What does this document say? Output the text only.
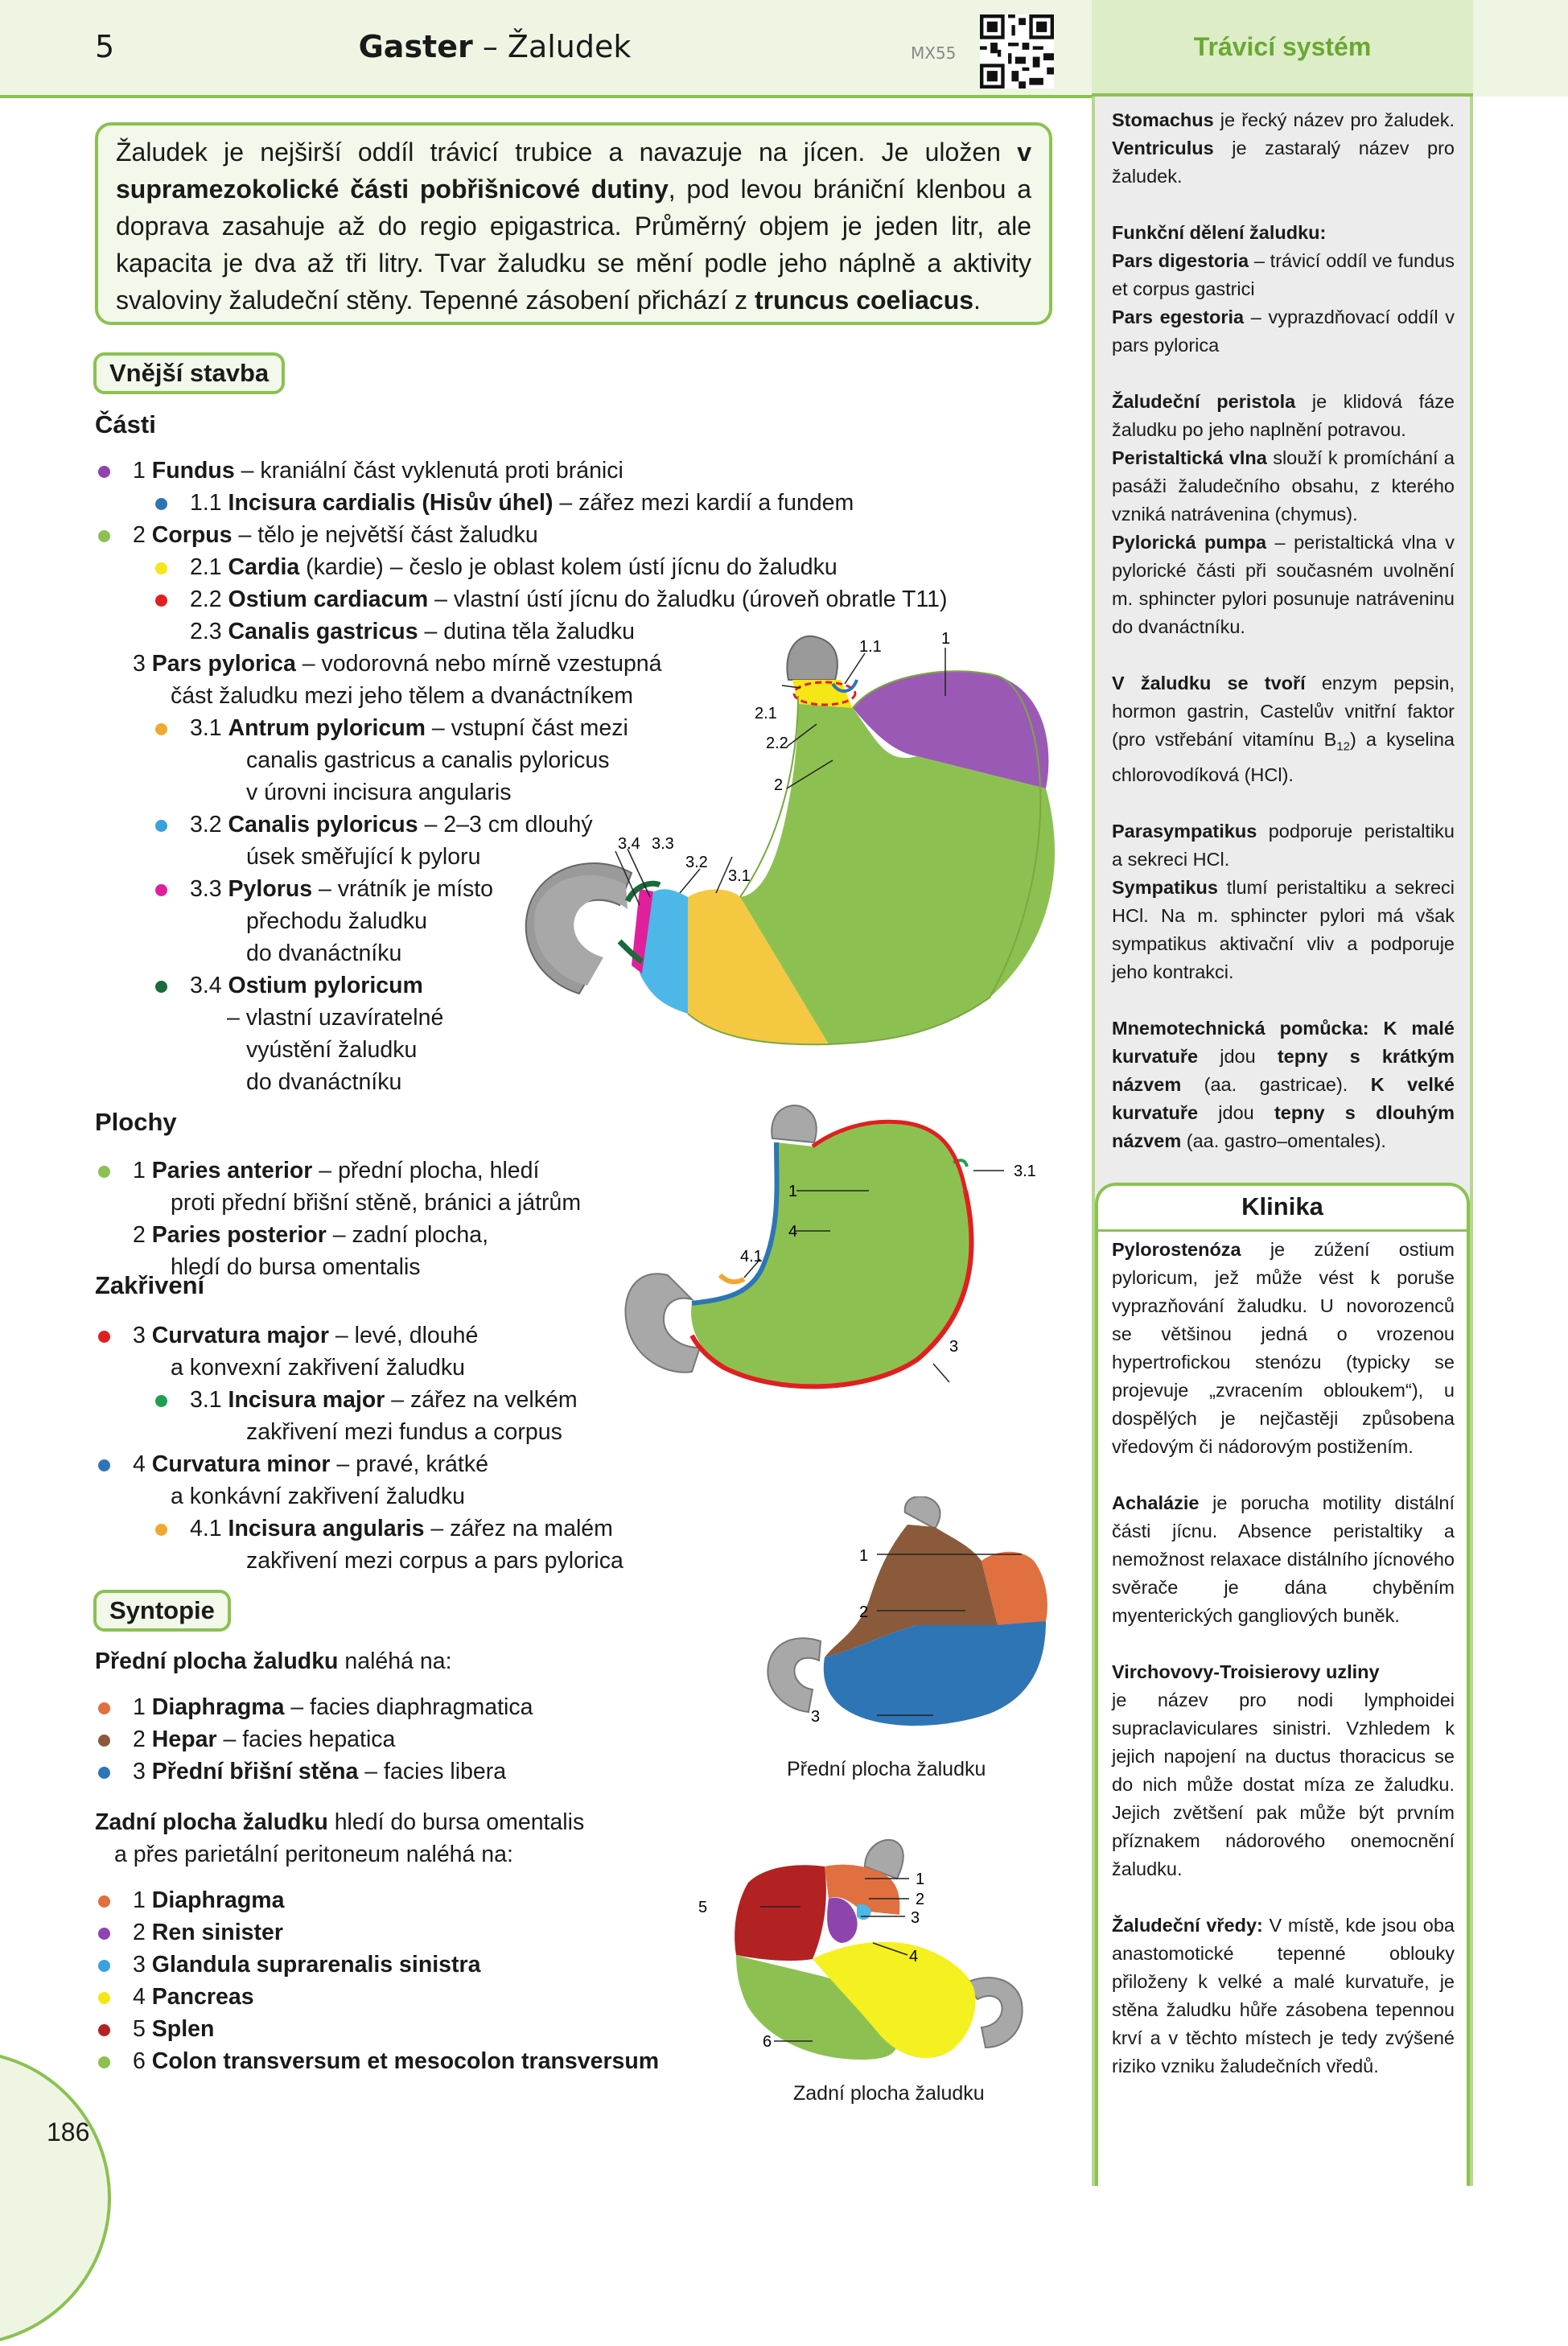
5	Gaster – Žaludek	MX55	Trávicí systém

Stomachus je řecký název pro žaludek. Ventriculus je zastaralý název pro žaludek.

Funkční dělení žaludku:

Pars digestoria – trávicí oddíl ve fundus et corpus gastrici

Pars egestoria – vyprazdňovací oddíl v pars pylorica

Žaludeční peristola je klidová fáze žaludku po jeho naplnění potravou.

Peristaltická vlna slouží k promíchání a pasáži žaludečního obsahu, z kterého vzniká natrávenina (chymus).

Pylorická pumpa – peristaltická vlna v pylorické části při současném uvolnění m. sphincter pylori posunuje natráveninu do dvanáctníku.

V žaludku se tvoří enzym pepsin, hormon gastrin, Castelův vnitřní faktor (pro vstřebání vitamínu $B_{12}$) a kyselina chlorovodíková (HCl).

Parasympatikus podporuje peristaltiku a sekreci HCl.

Sympatikus tlumí peristaltiku a sekreci HCl. Na m. sphincter pylori má však sympatikus aktivační vliv a podporuje jeho kontrakci.

Mnemotechnická pomůcka: K malé kurvatuře jdou tepny s krátkým názvem (aa. gastricae). K velké kurvatuře jdou tepny s dlouhým názvem (aa. gastro–omentales).

Klinika

Pylorostenóza je zúžení ostium pyloricum, jež může vést k poruše vyprazňování žaludku. U novorozenců se většinou jedná o vrozenou hypertrofickou stenózu (typicky se projevuje „zvracením obloukem“), u dospělých je nejčastěji způsobena vředovým či nádorovým postižením.

Achalázie je porucha motility distální části jícnu. Absence peristaltiky a nemožnost relaxace distálního jícnového svěrače je dána chyběním myenterických gangliových buněk.

Virchovovy-Troisierovy uzliny

je název pro nodi lymphoidei supraclaviculares sinistri. Vzhledem k jejich napojení na ductus thoracicus se do nich může dostat míza ze žaludku. Jejich zvětšení pak může být prvním příznakem nádorového onemocnění žaludku.

Žaludeční vředy: V místě, kde jsou oba anastomotické tepenné oblouky přiloženy k velké a malé kurvatuře, je stěna žaludku hůře zásobena tepennou krví a v těchto místech je tedy zvýšené riziko vzniku žaludečních vředů.

Žaludek je nejširší oddíl trávicí trubice a navazuje na jícen. Je uložen v supramezokolické části pobřišnicové dutiny, pod levou brániční klenbou a doprava zasahuje až do regio epigastrica. Průměrný objem je jeden litr, ale kapacita je dva až tři litry. Tvar žaludku se mění podle jeho náplně a aktivity svaloviny žaludeční stěny. Tepenné zásobení přichází z truncus coeliacus.
Vnější stavba
Části
1 Fundus – kraniální část vyklenutá proti bránici
1.1 Incisura cardialis (Hisův úhel) – zářez mezi kardií a fundem
2 Corpus – tělo je největší část žaludku
2.1 Cardia (kardie) – česlo je oblast kolem ústí jícnu do žaludku
2.2 Ostium cardiacum – vlastní ústí jícnu do žaludku (úroveň obratle T11)
2.3 Canalis gastricus – dutina těla žaludku
3 Pars pylorica – vodorovná nebo mírně vzestupná
část žaludku mezi jeho tělem a dvanáctníkem
3.1 Antrum pyloricum – vstupní část mezi
canalis gastricus a canalis pyloricus
v úrovni incisura angularis
3.2 Canalis pyloricus – 2–3 cm dlouhý
úsek směřující k pyloru
3.3 Pylorus – vrátník je místo
přechodu žaludku
do dvanáctníku
3.4 Ostium pyloricum
– vlastní uzavíratelné
vyústění žaludku
do dvanáctníku
Plochy
1 Paries anterior – přední plocha, hledí
proti přední břišní stěně, bránici a játrům
2 Paries posterior – zadní plocha,
hledí do bursa omentalis
Zakřivení
3 Curvatura major – levé, dlouhé
a konvexní zakřivení žaludku
3.1 Incisura major – zářez na velkém
zakřivení mezi fundus a corpus
4 Curvatura minor – pravé, krátké
a konkávní zakřivení žaludku
4.1 Incisura angularis – zářez na malém
zakřivení mezi corpus a pars pylorica
Syntopie
Přední plocha žaludku naléhá na:
1 Diaphragma – facies diaphragmatica
2 Hepar – facies hepatica
3 Přední břišní stěna – facies libera
Zadní plocha žaludku hledí do bursa omentalis
a přes parietální peritoneum naléhá na:
1 Diaphragma
2 Ren sinister
3 Glandula suprarenalis sinistra
4 Pancreas
5 Splen
6 Colon transversum et mesocolon transversum
1.1	1
2.1
2.2
2
3.4 3.3
3.2
3.1
3.1
1
4
4.1
3
1
2
3
Přední plocha žaludku
1
2
3
4
5
6
Zadní plocha žaludku
186
